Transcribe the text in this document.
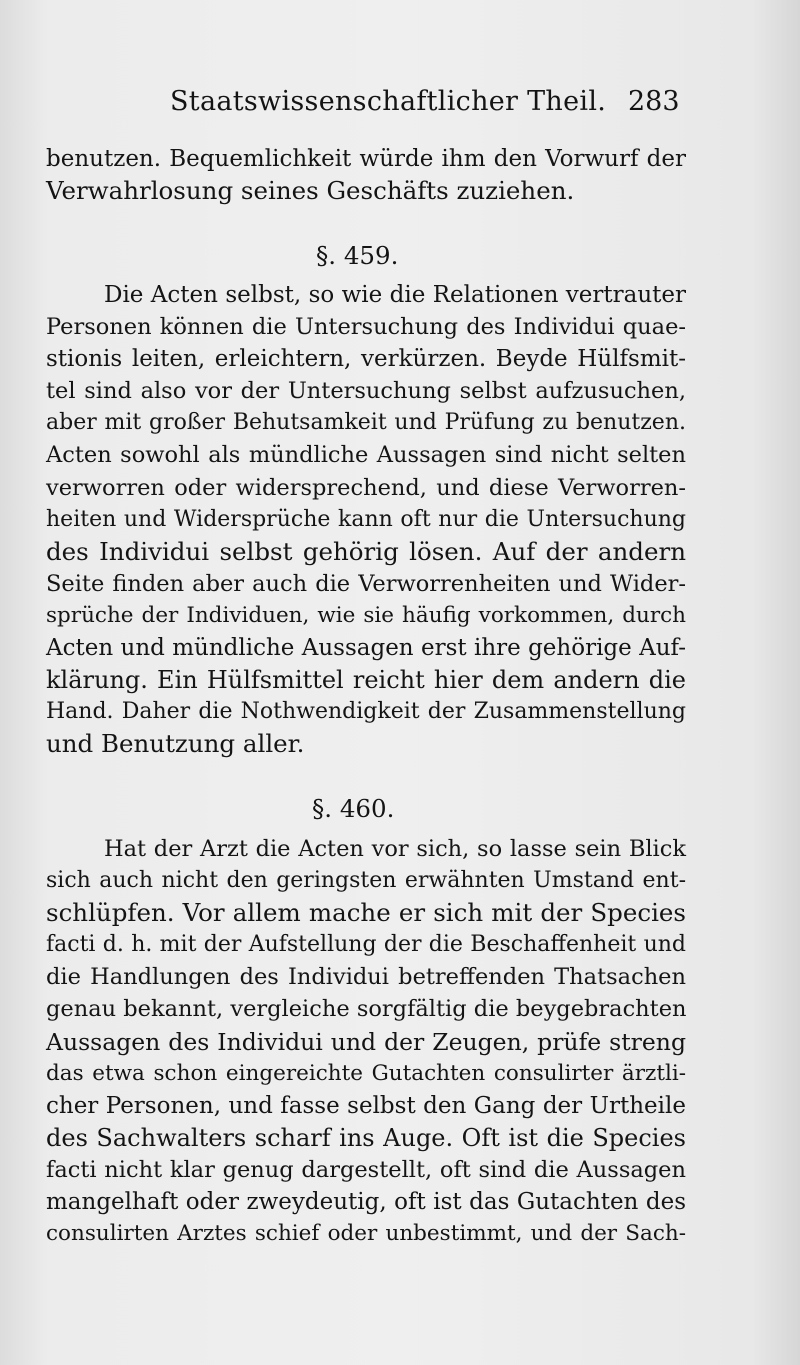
Staatswissenschaftlicher Theil. 283
benutzen. Bequemlichkeit würde ihm den Vorwurf der
Verwahrlosung seines Geschäfts zuziehen.
§. 459.
Die Acten selbst, so wie die Relationen vertrauter
Personen können die Untersuchung des Individui quae-
stionis leiten, erleichtern, verkürzen. Beyde Hülfsmit-
tel sind also vor der Untersuchung selbst aufzusuchen,
aber mit großer Behutsamkeit und Prüfung zu benutzen.
Acten sowohl als mündliche Aussagen sind nicht selten
verworren oder widersprechend, und diese Verworren-
heiten und Widersprüche kann oft nur die Untersuchung
des Individui selbst gehörig lösen. Auf der andern
Seite finden aber auch die Verworrenheiten und Wider-
sprüche der Individuen, wie sie häufig vorkommen, durch
Acten und mündliche Aussagen erst ihre gehörige Auf-
klärung. Ein Hülfsmittel reicht hier dem andern die
Hand. Daher die Nothwendigkeit der Zusammenstellung
und Benutzung aller.
§. 460.
Hat der Arzt die Acten vor sich, so lasse sein Blick
sich auch nicht den geringsten erwähnten Umstand ent-
schlüpfen. Vor allem mache er sich mit der Species
facti d. h. mit der Aufstellung der die Beschaffenheit und
die Handlungen des Individui betreffenden Thatsachen
genau bekannt, vergleiche sorgfältig die beygebrachten
Aussagen des Individui und der Zeugen, prüfe streng
das etwa schon eingereichte Gutachten consulirter ärztli-
cher Personen, und fasse selbst den Gang der Urtheile
des Sachwalters scharf ins Auge. Oft ist die Species
facti nicht klar genug dargestellt, oft sind die Aussagen
mangelhaft oder zweydeutig, oft ist das Gutachten des
consulirten Arztes schief oder unbestimmt, und der Sach-
